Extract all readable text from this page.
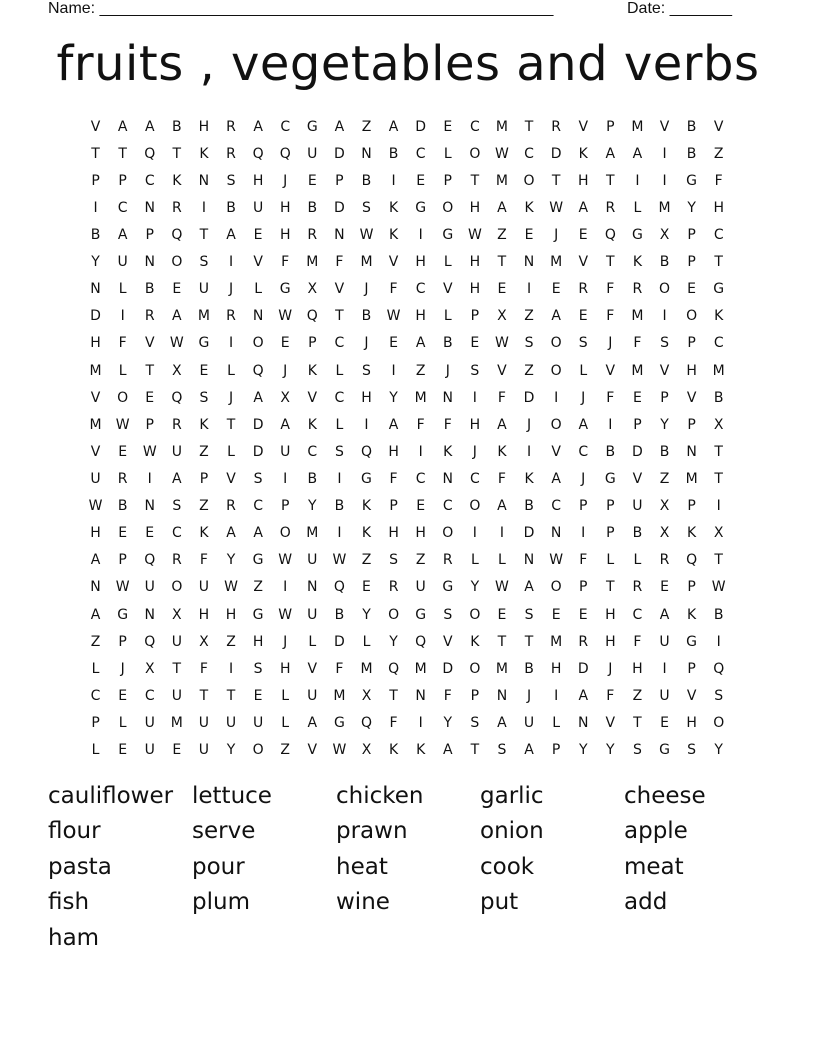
Name: ___________________________________________________

	Date: _______

fruits , vegetables and verbs
V	A	A	B	H	R	A	C	G	A	Z	A	D	E	C	M	T	R	V	P	M	V	B	V
T	T	Q	T	K	R	Q	Q	U	D	N	B	C	L	O	W	C	D	K	A	A	I	B	Z
P	P	C	K	N	S	H	J	E	P	B	I	E	P	T	M	O	T	H	T	I	I	G	F
I	C	N	R	I	B	U	H	B	D	S	K	G	O	H	A	K	W	A	R	L	M	Y	H
B	A	P	Q	T	A	E	H	R	N	W	K	I	G	W	Z	E	J	E	Q	G	X	P	C
Y	U	N	O	S	I	V	F	M	F	M	V	H	L	H	T	N	M	V	T	K	B	P	T
N	L	B	E	U	J	L	G	X	V	J	F	C	V	H	E	I	E	R	F	R	O	E	G
D	I	R	A	M	R	N	W	Q	T	B	W	H	L	P	X	Z	A	E	F	M	I	O	K
H	F	V	W	G	I	O	E	P	C	J	E	A	B	E	W	S	O	S	J	F	S	P	C
M	L	T	X	E	L	Q	J	K	L	S	I	Z	J	S	V	Z	O	L	V	M	V	H	M
V	O	E	Q	S	J	A	X	V	C	H	Y	M	N	I	F	D	I	J	F	E	P	V	B
M	W	P	R	K	T	D	A	K	L	I	A	F	F	H	A	J	O	A	I	P	Y	P	X
V	E	W	U	Z	L	D	U	C	S	Q	H	I	K	J	K	I	V	C	B	D	B	N	T
U	R	I	A	P	V	S	I	B	I	G	F	C	N	C	F	K	A	J	G	V	Z	M	T
W	B	N	S	Z	R	C	P	Y	B	K	P	E	C	O	A	B	C	P	P	U	X	P	I
H	E	E	C	K	A	A	O	M	I	K	H	H	O	I	I	D	N	I	P	B	X	K	X
A	P	Q	R	F	Y	G	W	U	W	Z	S	Z	R	L	L	N	W	F	L	L	R	Q	T
N	W	U	O	U	W	Z	I	N	Q	E	R	U	G	Y	W	A	O	P	T	R	E	P	W
A	G	N	X	H	H	G	W	U	B	Y	O	G	S	O	E	S	E	E	H	C	A	K	B
Z	P	Q	U	X	Z	H	J	L	D	L	Y	Q	V	K	T	T	M	R	H	F	U	G	I
L	J	X	T	F	I	S	H	V	F	M	Q	M	D	O	M	B	H	D	J	H	I	P	Q
C	E	C	U	T	T	E	L	U	M	X	T	N	F	P	N	J	I	A	F	Z	U	V	S
P	L	U	M	U	U	U	L	A	G	Q	F	I	Y	S	A	U	L	N	V	T	E	H	O
L	E	U	E	U	Y	O	Z	V	W	X	K	K	A	T	S	A	P	Y	Y	S	G	S	Y
cauliflower lettuce	chicken	garlic	cheese
flour	serve	prawn	onion	apple
pasta	pour	heat	cook	meat
fish	plum	wine	put	add
ham
